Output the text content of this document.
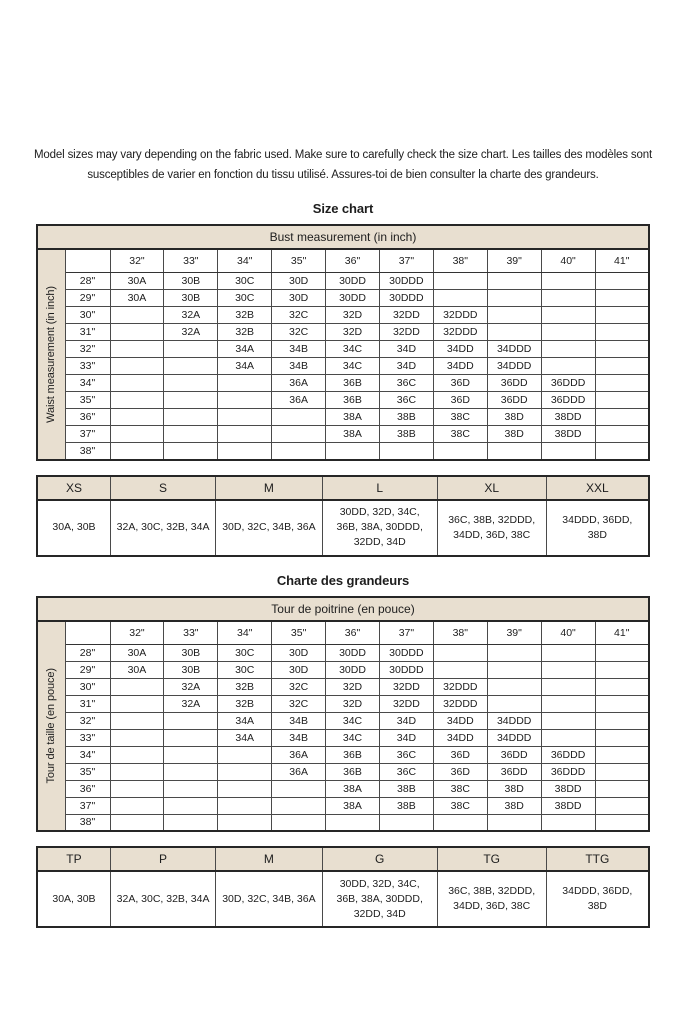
Model sizes may vary depending on the fabric used. Make sure to carefully check the size chart. Les tailles des modèles sont susceptibles de varier en fonction du tissu utilisé. Assures-toi de bien consulter la charte des grandeurs.
Size chart
Bust measurement (in inch)											

Waist measurement (in inch)		32"	33"	34"	35"	36"	37"	38"	39"	40"	41"
	28"	30A	30B	30C	30D	30DD	30DDD				
	29"	30A	30B	30C	30D	30DD	30DDD				
	30"		32A	32B	32C	32D	32DD	32DDD			
	31"		32A	32B	32C	32D	32DD	32DDD			
	32"			34A	34B	34C	34D	34DD	34DDD		
	33"			34A	34B	34C	34D	34DD	34DDD		
	34"				36A	36B	36C	36D	36DD	36DDD	
	35"				36A	36B	36C	36D	36DD	36DDD	
	36"					38A	38B	38C	38D	38DD	
	37"					38A	38B	38C	38D	38DD	
	38"										
XS	S	M	L	XL	XXL
30A, 30B	32A, 30C, 32B, 34A	30D, 32C, 34B, 36A	30DD, 32D, 34C, 36B, 38A, 30DDD, 32DD, 34D	36C, 38B, 32DDD, 34DD, 36D, 38C	34DDD, 36DD, 38D
Charte des grandeurs
Tour de poitrine (en pouce)											

Tour de taille (en pouce)		32"	33"	34"	35"	36"	37"	38"	39"	40"	41"
	28"	30A	30B	30C	30D	30DD	30DDD				
	29"	30A	30B	30C	30D	30DD	30DDD				
	30"		32A	32B	32C	32D	32DD	32DDD			
	31"		32A	32B	32C	32D	32DD	32DDD			
	32"			34A	34B	34C	34D	34DD	34DDD		
	33"			34A	34B	34C	34D	34DD	34DDD		
	34"				36A	36B	36C	36D	36DD	36DDD	
	35"				36A	36B	36C	36D	36DD	36DDD	
	36"					38A	38B	38C	38D	38DD	
	37"					38A	38B	38C	38D	38DD	
	38"										
TP	P	M	G	TG	TTG
30A, 30B	32A, 30C, 32B, 34A	30D, 32C, 34B, 36A	30DD, 32D, 34C, 36B, 38A, 30DDD, 32DD, 34D	36C, 38B, 32DDD, 34DD, 36D, 38C	34DDD, 36DD, 38D
